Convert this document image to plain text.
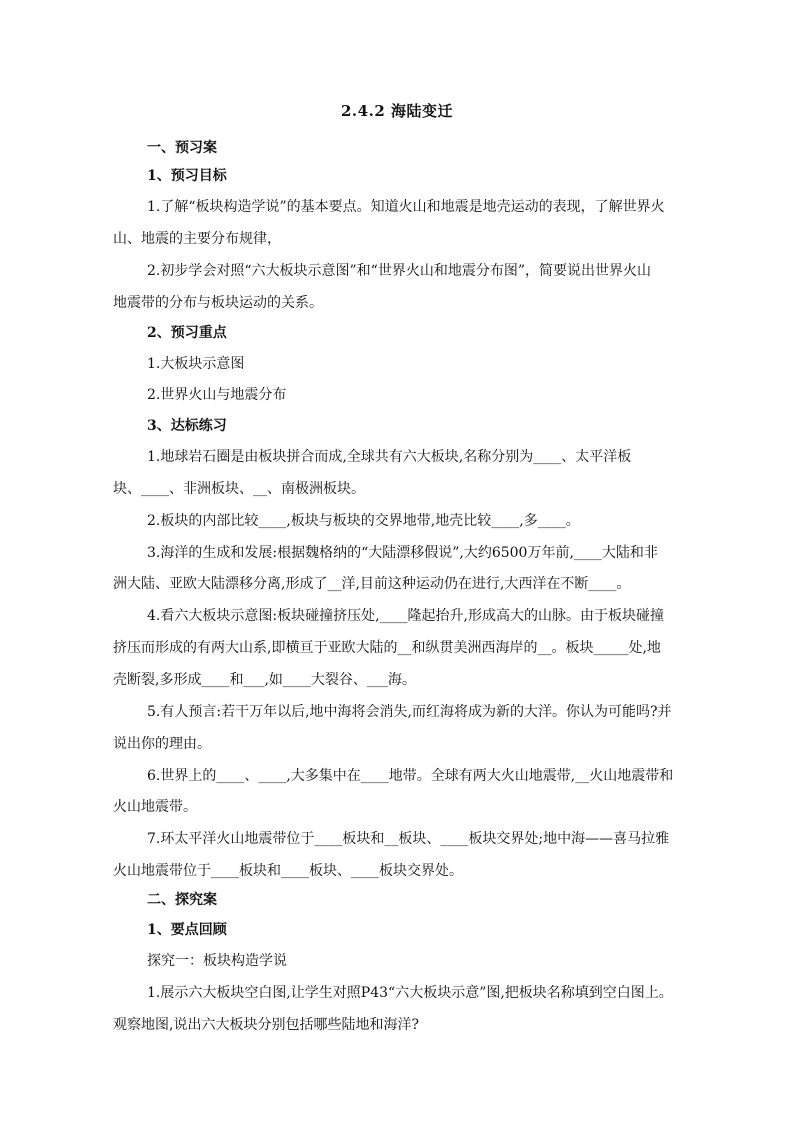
2.4.2 海陆变迁
一、预习案
1、预习目标
1.了解“板块构造学说”的基本要点。知道火山和地震是地壳运动的表现，了解世界火
山、地震的主要分布规律，
2.初步学会对照“六大板块示意图”和“世界火山和地震分布图”，简要说出世界火山
地震带的分布与板块运动的关系。
2、预习重点
1.大板块示意图
2.世界火山与地震分布
3、达标练习
1.地球岩石圈是由板块拼合而成,全球共有六大板块,名称分别为____、太平洋板
块、____、非洲板块、__、南极洲板块。
2.板块的内部比较____,板块与板块的交界地带,地壳比较____,多____。
3.海洋的生成和发展:根据魏格纳的“大陆漂移假说”,大约6500万年前,____大陆和非
洲大陆、亚欧大陆漂移分离,形成了__洋,目前这种运动仍在进行,大西洋在不断____。
4.看六大板块示意图:板块碰撞挤压处,____隆起抬升,形成高大的山脉。由于板块碰撞
挤压而形成的有两大山系,即横亘于亚欧大陆的__和纵贯美洲西海岸的__。板块_____处,地
壳断裂,多形成____和___,如____大裂谷、___海。
5.有人预言:若干万年以后,地中海将会消失,而红海将成为新的大洋。你认为可能吗?并
说出你的理由。
6.世界上的____、____,大多集中在____地带。全球有两大火山地震带,__火山地震带和
火山地震带。
7.环太平洋火山地震带位于____板块和__板块、____板块交界处;地中海——喜马拉雅
火山地震带位于____板块和____板块、____板块交界处。
二、探究案
1、要点回顾
探究一：板块构造学说
1.展示六大板块空白图,让学生对照P43“六大板块示意”图,把板块名称填到空白图上。
观察地图,说出六大板块分别包括哪些陆地和海洋?
